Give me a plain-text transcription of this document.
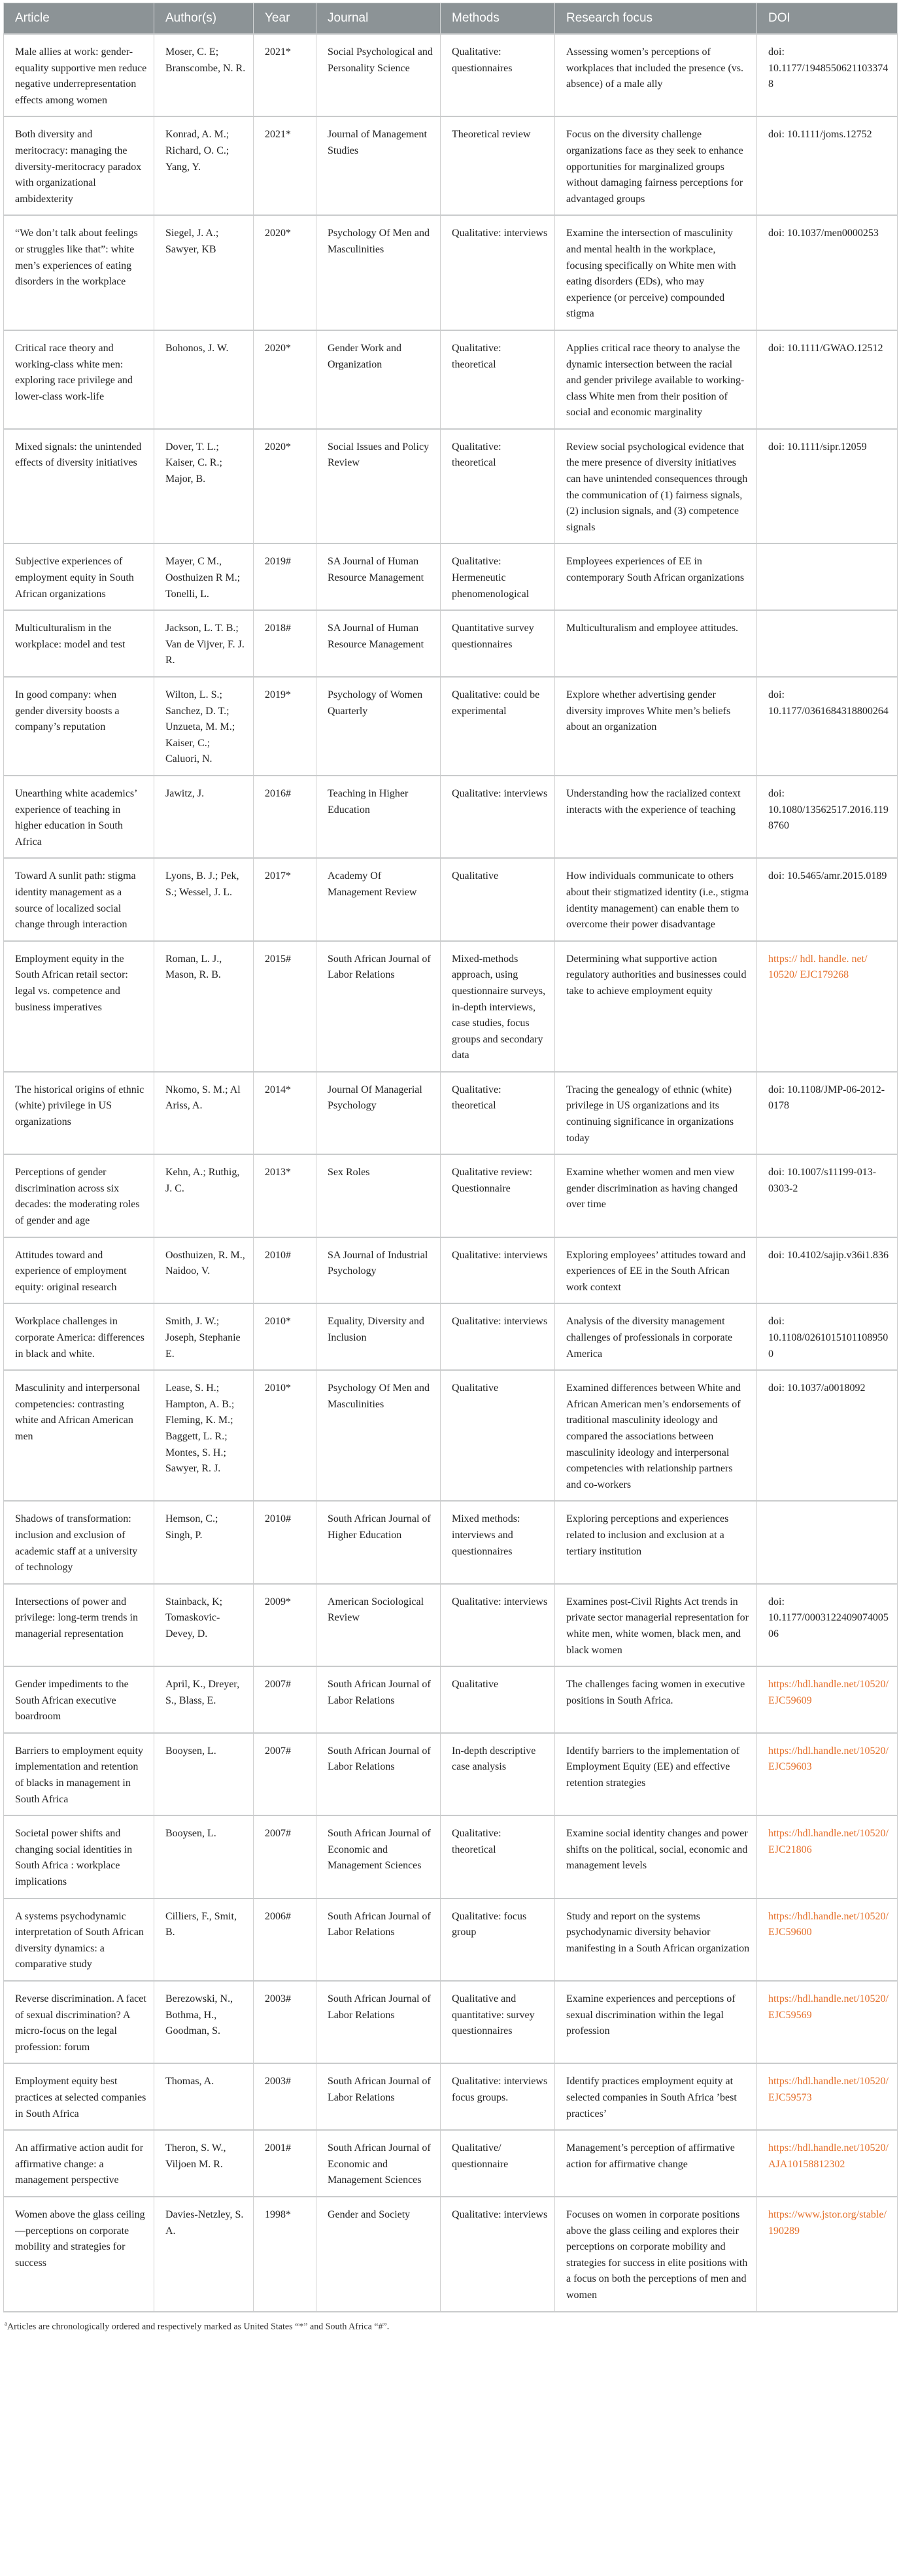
Article	Author(s)	Year	Journal	Methods	Research focus	DOI
Male allies at work: gender-equality supportive men reduce negative underrepresentation effects among women	Moser, C. E; Branscombe, N. R.	2021*	Social Psychological and Personality Science	Qualitative: questionnaires	Assessing women’s perceptions of workplaces that included the presence (vs. absence) of a male ally	doi: 10.1177/19485506211033748
Both diversity and meritocracy: managing the diversity-meritocracy paradox with organizational ambidexterity	Konrad, A. M.; Richard, O. C.; Yang, Y.	2021*	Journal of Management Studies	Theoretical review	Focus on the diversity challenge organizations face as they seek to enhance opportunities for marginalized groups without damaging fairness perceptions for advantaged groups	doi: 10.1111/joms.12752
“We don’t talk about feelings or struggles like that”: white men’s experiences of eating disorders in the workplace	Siegel, J. A.; Sawyer, KB	2020*	Psychology Of Men and Masculinities	Qualitative: interviews	Examine the intersection of masculinity and mental health in the workplace, focusing specifically on White men with eating disorders (EDs), who may experience (or perceive) compounded stigma	doi: 10.1037/men0000253
Critical race theory and working-class white men: exploring race privilege and lower-class work-life	Bohonos, J. W.	2020*	Gender Work and Organization	Qualitative: theoretical	Applies critical race theory to analyse the dynamic intersection between the racial and gender privilege available to working-class White men from their position of social and economic marginality	doi: 10.1111/GWAO.12512
Mixed signals: the unintended effects of diversity initiatives	Dover, T. L.; Kaiser, C. R.; Major, B.	2020*	Social Issues and Policy Review	Qualitative: theoretical	Review social psychological evidence that the mere presence of diversity initiatives can have unintended consequences through the communication of (1) fairness signals, (2) inclusion signals, and (3) competence signals	doi: 10.1111/sipr.12059
Subjective experiences of employment equity in South African organizations	Mayer, C M., Oosthuizen R M.; Tonelli, L.	2019#	SA Journal of Human Resource Management	Qualitative: Hermeneutic phenomenological	Employees experiences of EE in contemporary South African organizations	
Multiculturalism in the workplace: model and test	Jackson, L. T. B.; Van de Vijver, F. J. R.	2018#	SA Journal of Human Resource Management	Quantitative survey questionnaires	Multiculturalism and employee attitudes.	
In good company: when gender diversity boosts a company’s reputation	Wilton, L. S.; Sanchez, D. T.; Unzueta, M. M.; Kaiser, C.; Caluori, N.	2019*	Psychology of Women Quarterly	Qualitative: could be experimental	Explore whether advertising gender diversity improves White men’s beliefs about an organization	doi: 10.1177/0361684318800264
Unearthing white academics’ experience of teaching in higher education in South Africa	Jawitz, J.	2016#	Teaching in Higher Education	Qualitative: interviews	Understanding how the racialized context interacts with the experience of teaching	doi: 10.1080/13562517.2016.1198760
Toward A sunlit path: stigma identity management as a source of localized social change through interaction	Lyons, B. J.; Pek, S.; Wessel, J. L.	2017*	Academy Of Management Review	Qualitative	How individuals communicate to others about their stigmatized identity (i.e., stigma identity management) can enable them to overcome their power disadvantage	doi: 10.5465/amr.2015.0189
Employment equity in the South African retail sector: legal vs. competence and business imperatives	Roman, L. J., Mason, R. B.	2015#	South African Journal of Labor Relations	Mixed-methods approach, using questionnaire surveys, in-depth interviews, case studies, focus groups and secondary data	Determining what supportive action regulatory authorities and businesses could take to achieve employment equity	https:// hdl. handle. net/ 10520/ EJC179268
The historical origins of ethnic (white) privilege in US organizations	Nkomo, S. M.; Al Ariss, A.	2014*	Journal Of Managerial Psychology	Qualitative: theoretical	Tracing the genealogy of ethnic (white) privilege in US organizations and its continuing significance in organizations today	doi: 10.1108/JMP-06-2012-0178
Perceptions of gender discrimination across six decades: the moderating roles of gender and age	Kehn, A.; Ruthig, J. C.	2013*	Sex Roles	Qualitative review: Questionnaire	Examine whether women and men view gender discrimination as having changed over time	doi: 10.1007/s11199-013-0303-2
Attitudes toward and experience of employment equity: original research	Oosthuizen, R. M., Naidoo, V.	2010#	SA Journal of Industrial Psychology	Qualitative: interviews	Exploring employees’ attitudes toward and experiences of EE in the South African work context	doi: 10.4102/sajip.v36i1.836
Workplace challenges in corporate America: differences in black and white.	Smith, J. W.; Joseph, Stephanie E.	2010*	Equality, Diversity and Inclusion	Qualitative: interviews	Analysis of the diversity management challenges of professionals in corporate America	doi: 10.1108/02610151011089500
Masculinity and interpersonal competencies: contrasting white and African American men	Lease, S. H.; Hampton, A. B.; Fleming, K. M.; Baggett, L. R.; Montes, S. H.; Sawyer, R. J.	2010*	Psychology Of Men and Masculinities	Qualitative	Examined differences between White and African American men’s endorsements of traditional masculinity ideology and compared the associations between masculinity ideology and interpersonal competencies with relationship partners and co-workers	doi: 10.1037/a0018092
Shadows of transformation: inclusion and exclusion of academic staff at a university of technology	Hemson, C.; Singh, P.	2010#	South African Journal of Higher Education	Mixed methods: interviews and questionnaires	Exploring perceptions and experiences related to inclusion and exclusion at a tertiary institution	
Intersections of power and privilege: long-term trends in managerial representation	Stainback, K; Tomaskovic-Devey, D.	2009*	American Sociological Review	Qualitative: interviews	Examines post-Civil Rights Act trends in private sector managerial representation for white men, white women, black men, and black women	doi: 10.1177/000312240907400506
Gender impediments to the South African executive boardroom	April, K., Dreyer, S., Blass, E.	2007#	South African Journal of Labor Relations	Qualitative	The challenges facing women in executive positions in South Africa.	https://hdl.handle.net/10520/EJC59609
Barriers to employment equity implementation and retention of blacks in management in South Africa	Booysen, L.	2007#	South African Journal of Labor Relations	In-depth descriptive case analysis	Identify barriers to the implementation of Employment Equity (EE) and effective retention strategies	https://hdl.handle.net/10520/EJC59603
Societal power shifts and changing social identities in South Africa : workplace implications	Booysen, L.	2007#	South African Journal of Economic and Management Sciences	Qualitative: theoretical	Examine social identity changes and power shifts on the political, social, economic and management levels	https://hdl.handle.net/10520/EJC21806
A systems psychodynamic interpretation of South African diversity dynamics: a comparative study	Cilliers, F., Smit, B.	2006#	South African Journal of Labor Relations	Qualitative: focus group	Study and report on the systems psychodynamic diversity behavior manifesting in a South African organization	https://hdl.handle.net/10520/EJC59600
Reverse discrimination. A facet of sexual discrimination? A micro-focus on the legal profession: forum	Berezowski, N., Bothma, H., Goodman, S.	2003#	South African Journal of Labor Relations	Qualitative and quantitative: survey questionnaires	Examine experiences and perceptions of sexual discrimination within the legal profession	https://hdl.handle.net/10520/EJC59569
Employment equity best practices at selected companies in South Africa	Thomas, A.	2003#	South African Journal of Labor Relations	Qualitative: interviews focus groups.	Identify practices employment equity at selected companies in South Africa ’best practices’	https://hdl.handle.net/10520/EJC59573
An affirmative action audit for affirmative change: a management perspective	Theron, S. W., Viljoen M. R.	2001#	South African Journal of Economic and Management Sciences	Qualitative/ questionnaire	Management’s perception of affirmative action for affirmative change	https://hdl.handle.net/10520/AJA10158812302
Women above the glass ceiling—perceptions on corporate mobility and strategies for success	Davies-Netzley, S. A.	1998*	Gender and Society	Qualitative: interviews	Focuses on women in corporate positions above the glass ceiling and explores their perceptions on corporate mobility and strategies for success in elite positions with a focus on both the perceptions of men and women	https://www.jstor.org/stable/190289
$^a$Articles are chronologically ordered and respectively marked as United States “*” and South Africa “#”.
